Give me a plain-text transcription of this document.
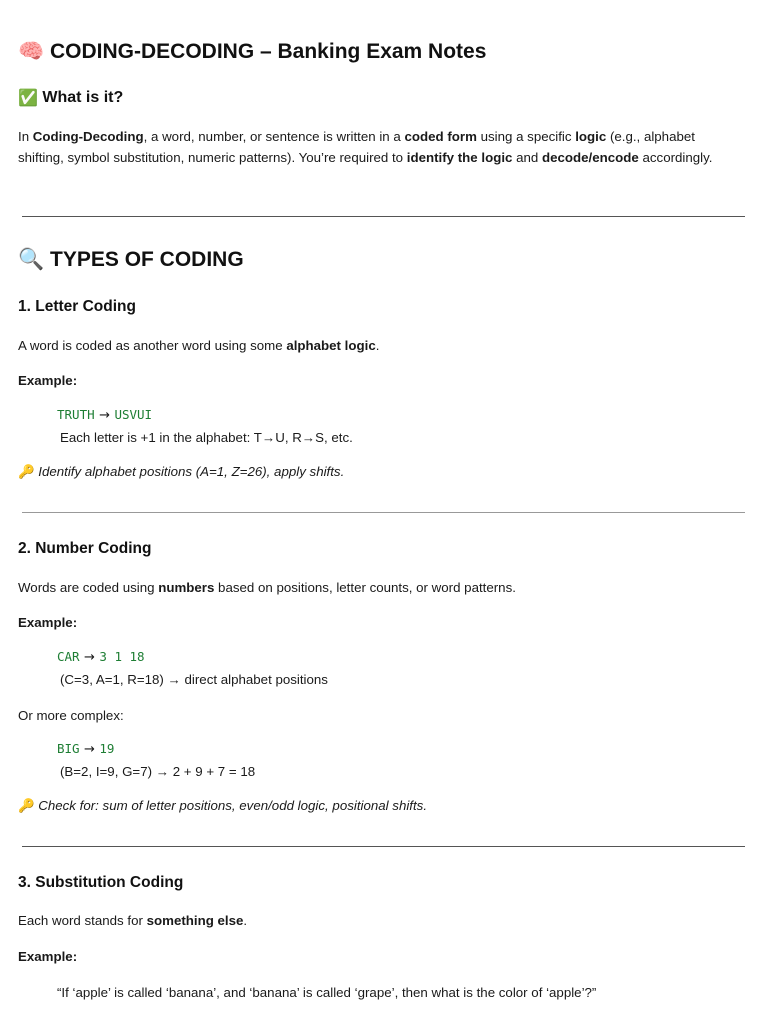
🧠 CODING-DECODING – Banking Exam Notes
✅ What is it?
In Coding-Decoding, a word, number, or sentence is written in a coded form using a specific logic (e.g., alphabet shifting, symbol substitution, numeric patterns). You’re required to identify the logic and decode/encode accordingly.
🔍 TYPES OF CODING
1. Letter Coding
A word is coded as another word using some alphabet logic.
Example:
TRUTH → USVUI
Each letter is +1 in the alphabet: T→U, R→S, etc.
🔑 Identify alphabet positions (A=1, Z=26), apply shifts.
2. Number Coding
Words are coded using numbers based on positions, letter counts, or word patterns.
Example:
CAR → 3 1 18
(C=3, A=1, R=18) → direct alphabet positions
Or more complex:
BIG → 19
(B=2, I=9, G=7) → 2 + 9 + 7 = 18
🔑 Check for: sum of letter positions, even/odd logic, positional shifts.
3. Substitution Coding
Each word stands for something else.
Example:
“If ‘apple’ is called ‘banana’, and ‘banana’ is called ‘grape’, then what is the color of ‘apple’?”
